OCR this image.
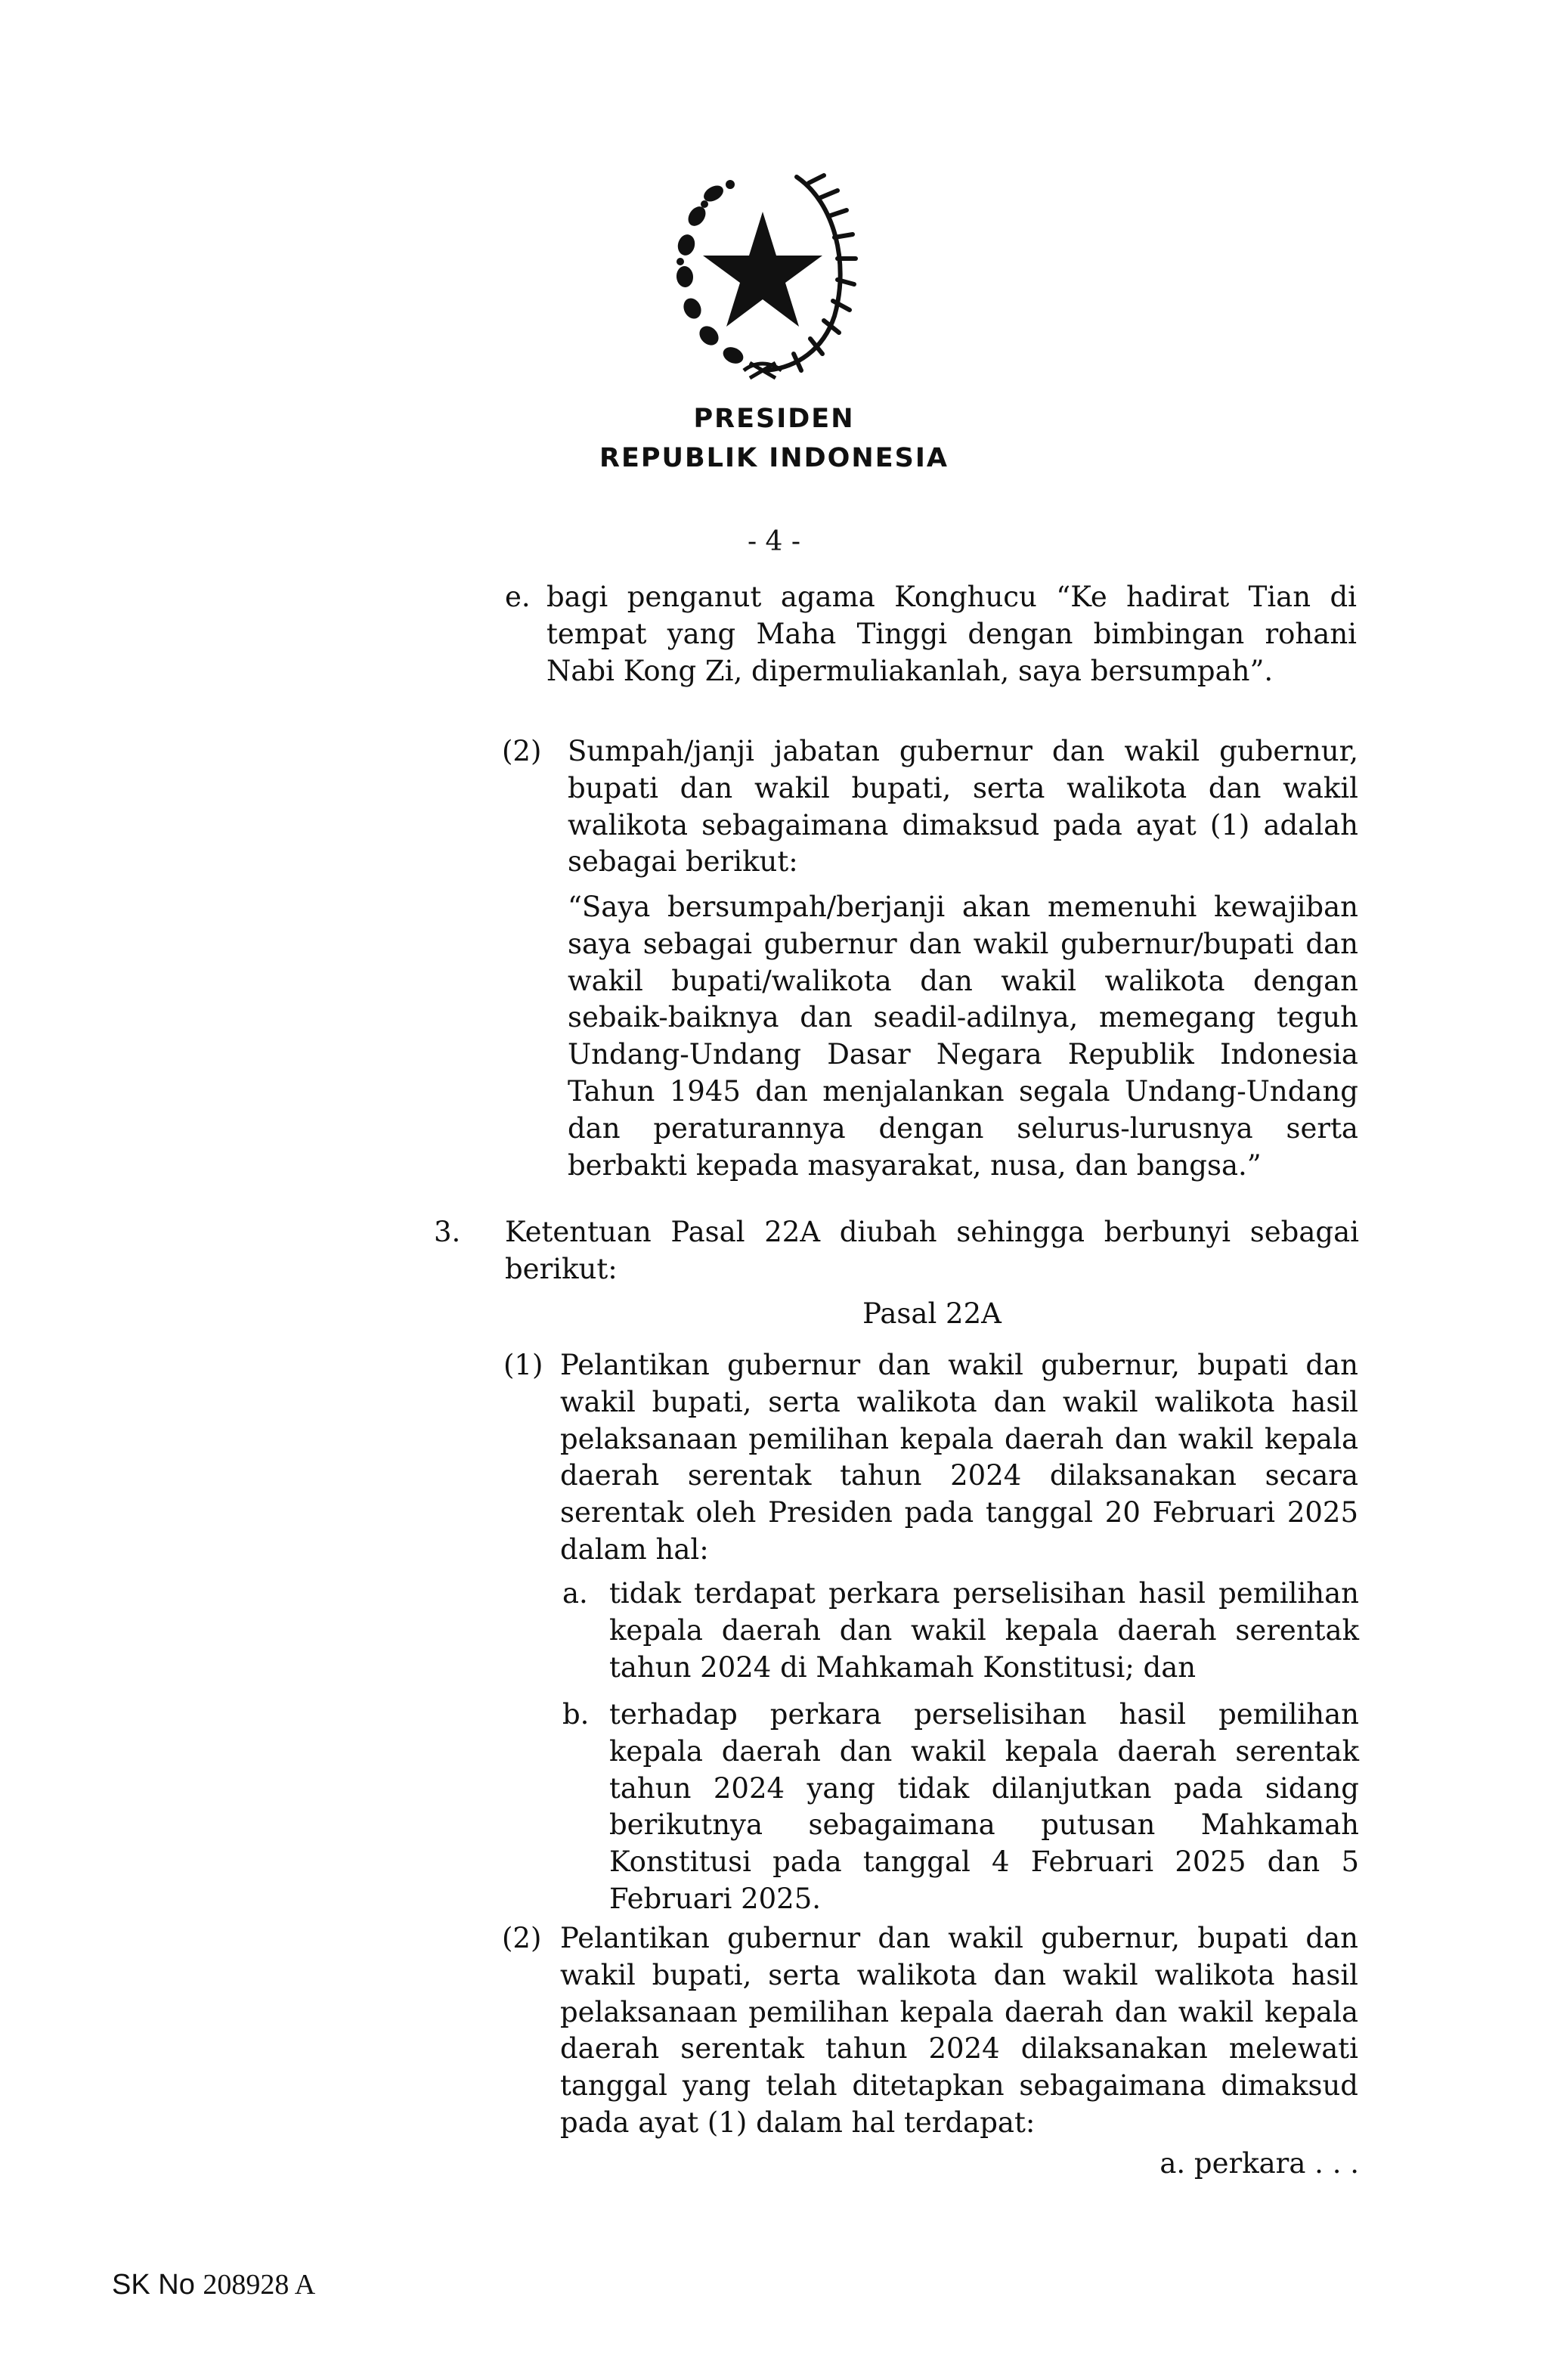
PRESIDEN
REPUBLIK INDONESIA
- 4 -
e. bagi penganut agama Konghucu “Ke hadirat Tian di tempat yang Maha Tinggi dengan bimbingan rohani Nabi Kong Zi, dipermuliakanlah, saya bersumpah”.

(2) Sumpah/janji jabatan gubernur dan wakil gubernur, bupati dan wakil bupati, serta walikota dan wakil walikota sebagaimana dimaksud pada ayat (1) adalah sebagai berikut:

“Saya bersumpah/berjanji akan memenuhi kewajiban saya sebagai gubernur dan wakil gubernur/bupati dan wakil bupati/walikota dan wakil walikota dengan sebaik-baiknya dan seadil-adilnya, memegang teguh Undang-Undang Dasar Negara Republik Indonesia Tahun 1945 dan menjalankan segala Undang-Undang dan peraturannya dengan selurus-lurusnya serta berbakti kepada masyarakat, nusa, dan bangsa.”

3. Ketentuan Pasal 22A diubah sehingga berbunyi sebagai berikut:

Pasal 22A
(1) Pelantikan gubernur dan wakil gubernur, bupati dan wakil bupati, serta walikota dan wakil walikota hasil pelaksanaan pemilihan kepala daerah dan wakil kepala daerah serentak tahun 2024 dilaksanakan secara serentak oleh Presiden pada tanggal 20 Februari 2025 dalam hal:

a. tidak terdapat perkara perselisihan hasil pemilihan kepala daerah dan wakil kepala daerah serentak tahun 2024 di Mahkamah Konstitusi; dan

b. terhadap perkara perselisihan hasil pemilihan kepala daerah dan wakil kepala daerah serentak tahun 2024 yang tidak dilanjutkan pada sidang berikutnya sebagaimana putusan Mahkamah Konstitusi pada tanggal 4 Februari 2025 dan 5 Februari 2025.

(2) Pelantikan gubernur dan wakil gubernur, bupati dan wakil bupati, serta walikota dan wakil walikota hasil pelaksanaan pemilihan kepala daerah dan wakil kepala daerah serentak tahun 2024 dilaksanakan melewati tanggal yang telah ditetapkan sebagaimana dimaksud pada ayat (1) dalam hal terdapat:

a. perkara . . .
SK No 208928 A
